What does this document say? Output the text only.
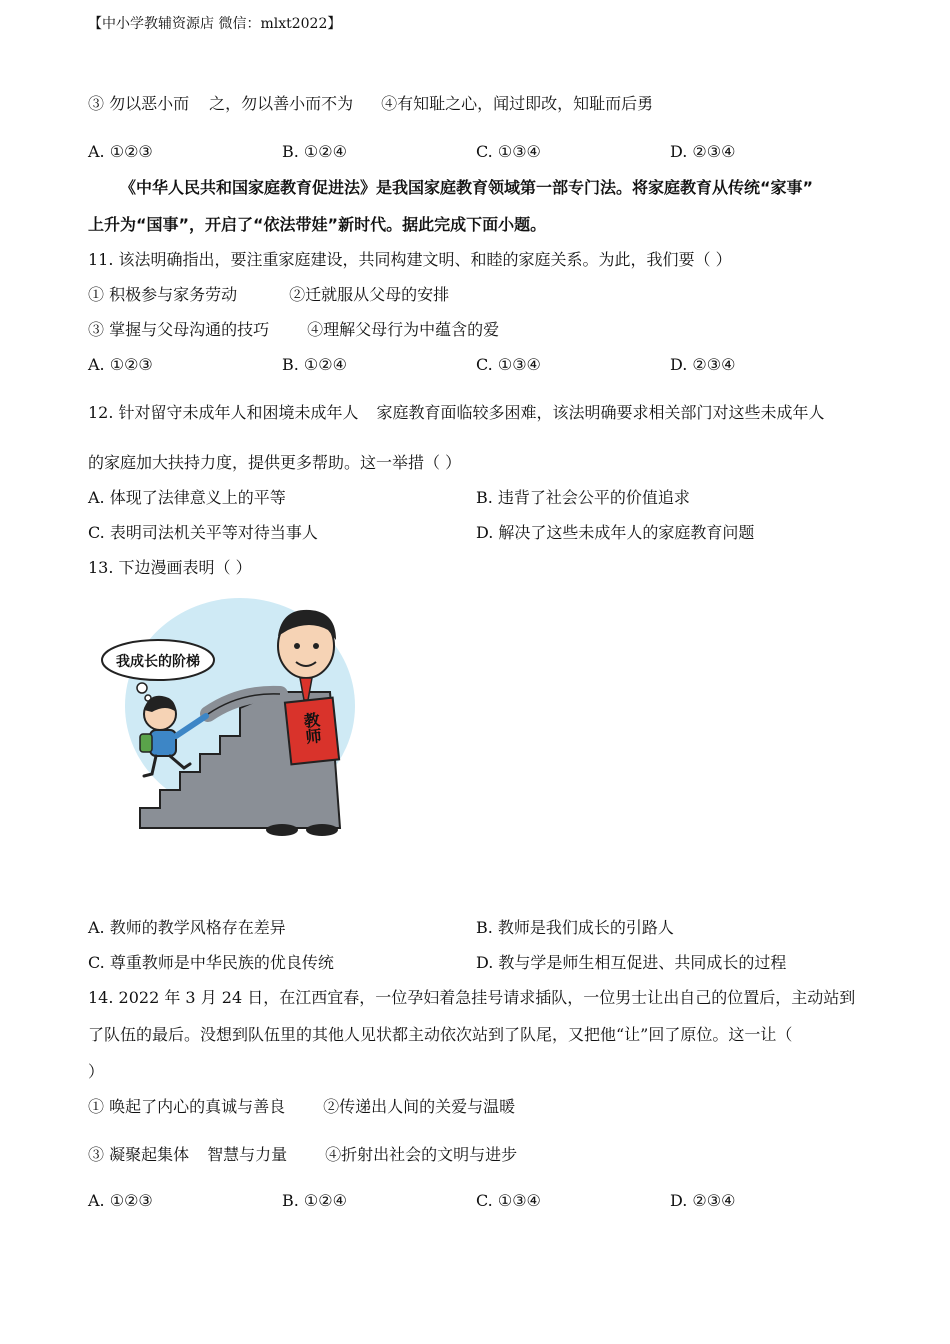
【中小学教辅资源店 微信：mlxt2022】
③ 勿以恶小而 之，勿以善小而不为 ④有知耻之心，闻过即改，知耻而后勇
A. ①②③	B. ①②④	C. ①③④	D. ②③④
《中华人民共和国家庭教育促进法》是我国家庭教育领域第一部专门法。将家庭教育从传统“家事”
上升为“国事”，开启了“依法带娃”新时代。据此完成下面小题。
11. 该法明确指出，要注重家庭建设，共同构建文明、和睦的家庭关系。为此，我们要（ ）
① 积极参与家务劳动	②迁就服从父母的安排
③ 掌握与父母沟通的技巧 ④理解父母行为中蕴含的爱
A. ①②③	B. ①②④	C. ①③④	D. ②③④
12. 针对留守未成年人和困境未成年人 家庭教育面临较多困难，该法明确要求相关部门对这些未成年人
的家庭加大扶持力度，提供更多帮助。这一举措（ ）
A. 体现了法律意义上的平等	B. 违背了社会公平的价值追求
C. 表明司法机关平等对待当事人	D. 解决了这些未成年人的家庭教育问题
13. 下边漫画表明（ ）
我成长的阶梯
教师
A. 教师的教学风格存在差异	B. 教师是我们成长的引路人
C. 尊重教师是中华民族的优良传统	D. 教与学是师生相互促进、共同成长的过程
14. 2022 年 3 月 24 日，在江西宜春，一位孕妇着急挂号请求插队，一位男士让出自己的位置后，主动站到
了队伍的最后。没想到队伍里的其他人见状都主动依次站到了队尾，又把他“让”回了原位。这一让（
）
① 唤起了内心的真诚与善良 ②传递出人间的关爱与温暖
③ 凝聚起集体 智慧与力量 ④折射出社会的文明与进步
A. ①②③	B. ①②④	C. ①③④	D. ②③④
